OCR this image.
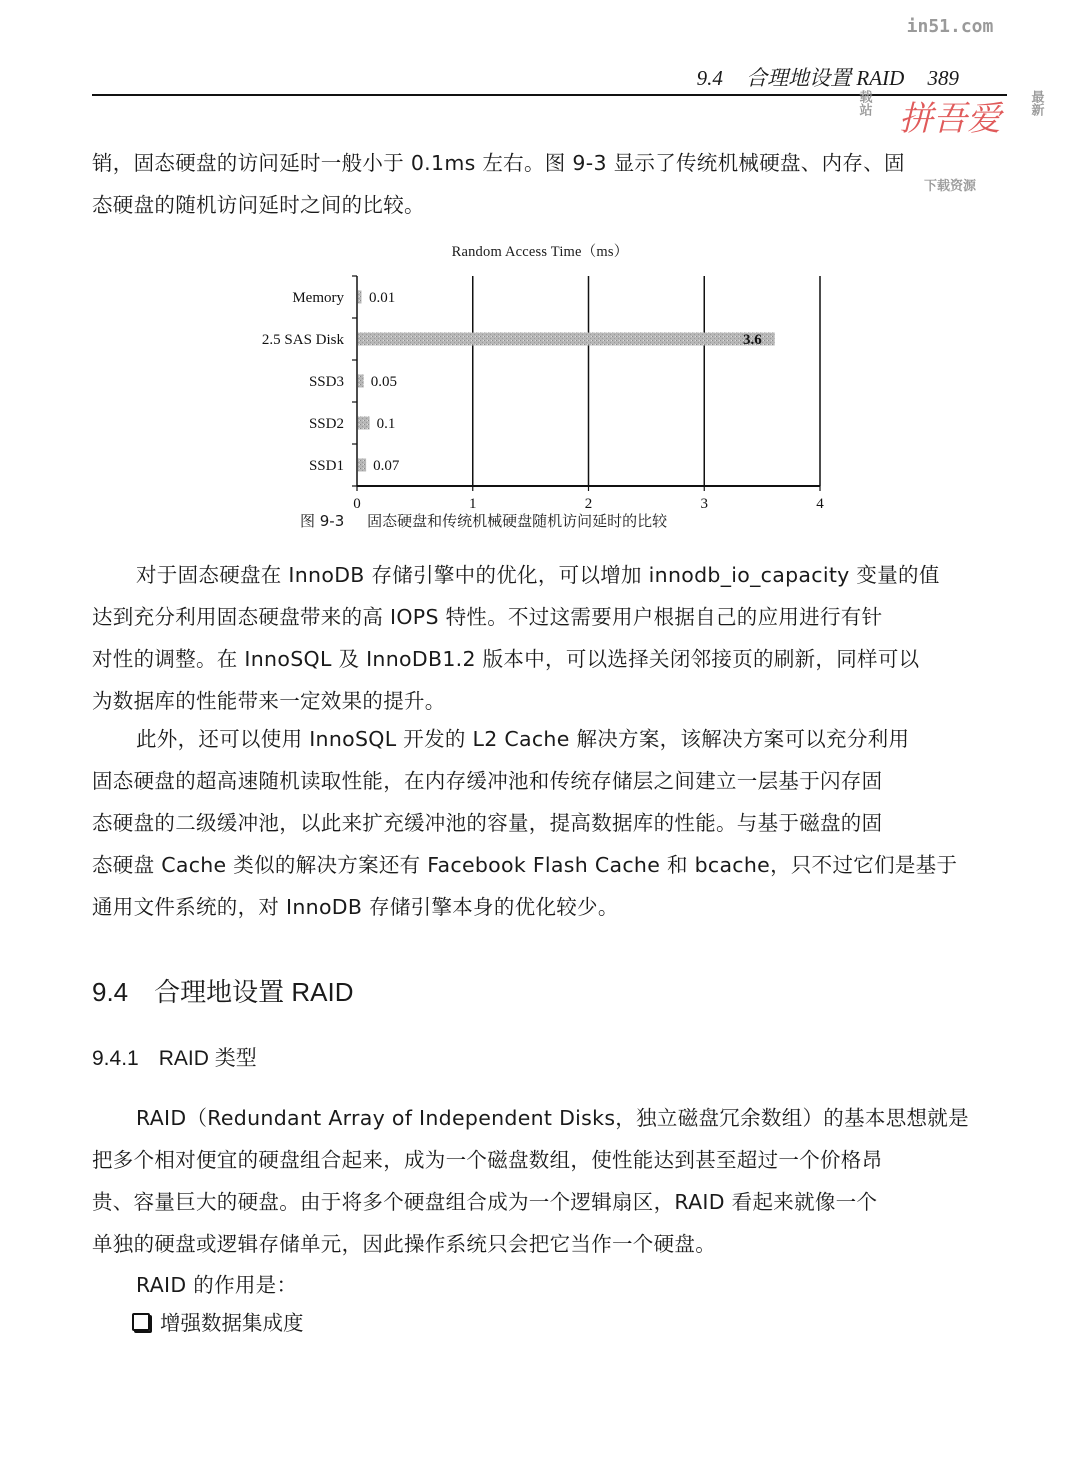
9.4 合理地设置 RAID 389
in51.com
载站 拼吾爱 最新
下载资源
销，固态硬盘的访问延时一般小于 0.1ms 左右。图 9-3 显示了传统机械硬盘、内存、固
态硬盘的随机访问延时之间的比较。
Random Access Time（ms）
Memory
2.5 SAS Disk
SSD3
SSD2
SSD1
0.01
3.6
0.05
0.1
0.07
0	1	2	3	4
图 9-3 固态硬盘和传统机械硬盘随机访问延时的比较
对于固态硬盘在 InnoDB 存储引擎中的优化，可以增加 innodb_io_capacity 变量的值
达到充分利用固态硬盘带来的高 IOPS 特性。不过这需要用户根据自己的应用进行有针
对性的调整。在 InnoSQL 及 InnoDB1.2 版本中，可以选择关闭邻接页的刷新，同样可以
为数据库的性能带来一定效果的提升。
此外，还可以使用 InnoSQL 开发的 L2 Cache 解决方案，该解决方案可以充分利用
固态硬盘的超高速随机读取性能，在内存缓冲池和传统存储层之间建立一层基于闪存固
态硬盘的二级缓冲池，以此来扩充缓冲池的容量，提高数据库的性能。与基于磁盘的固
态硬盘 Cache 类似的解决方案还有 Facebook Flash Cache 和 bcache，只不过它们是基于
通用文件系统的，对 InnoDB 存储引擎本身的优化较少。
9.4 合理地设置 RAID
9.4.1 RAID 类型
RAID（Redundant Array of Independent Disks，独立磁盘冗余数组）的基本思想就是
把多个相对便宜的硬盘组合起来，成为一个磁盘数组，使性能达到甚至超过一个价格昂
贵、容量巨大的硬盘。由于将多个硬盘组合成为一个逻辑扇区，RAID 看起来就像一个
单独的硬盘或逻辑存储单元，因此操作系统只会把它当作一个硬盘。
RAID 的作用是：
增强数据集成度
